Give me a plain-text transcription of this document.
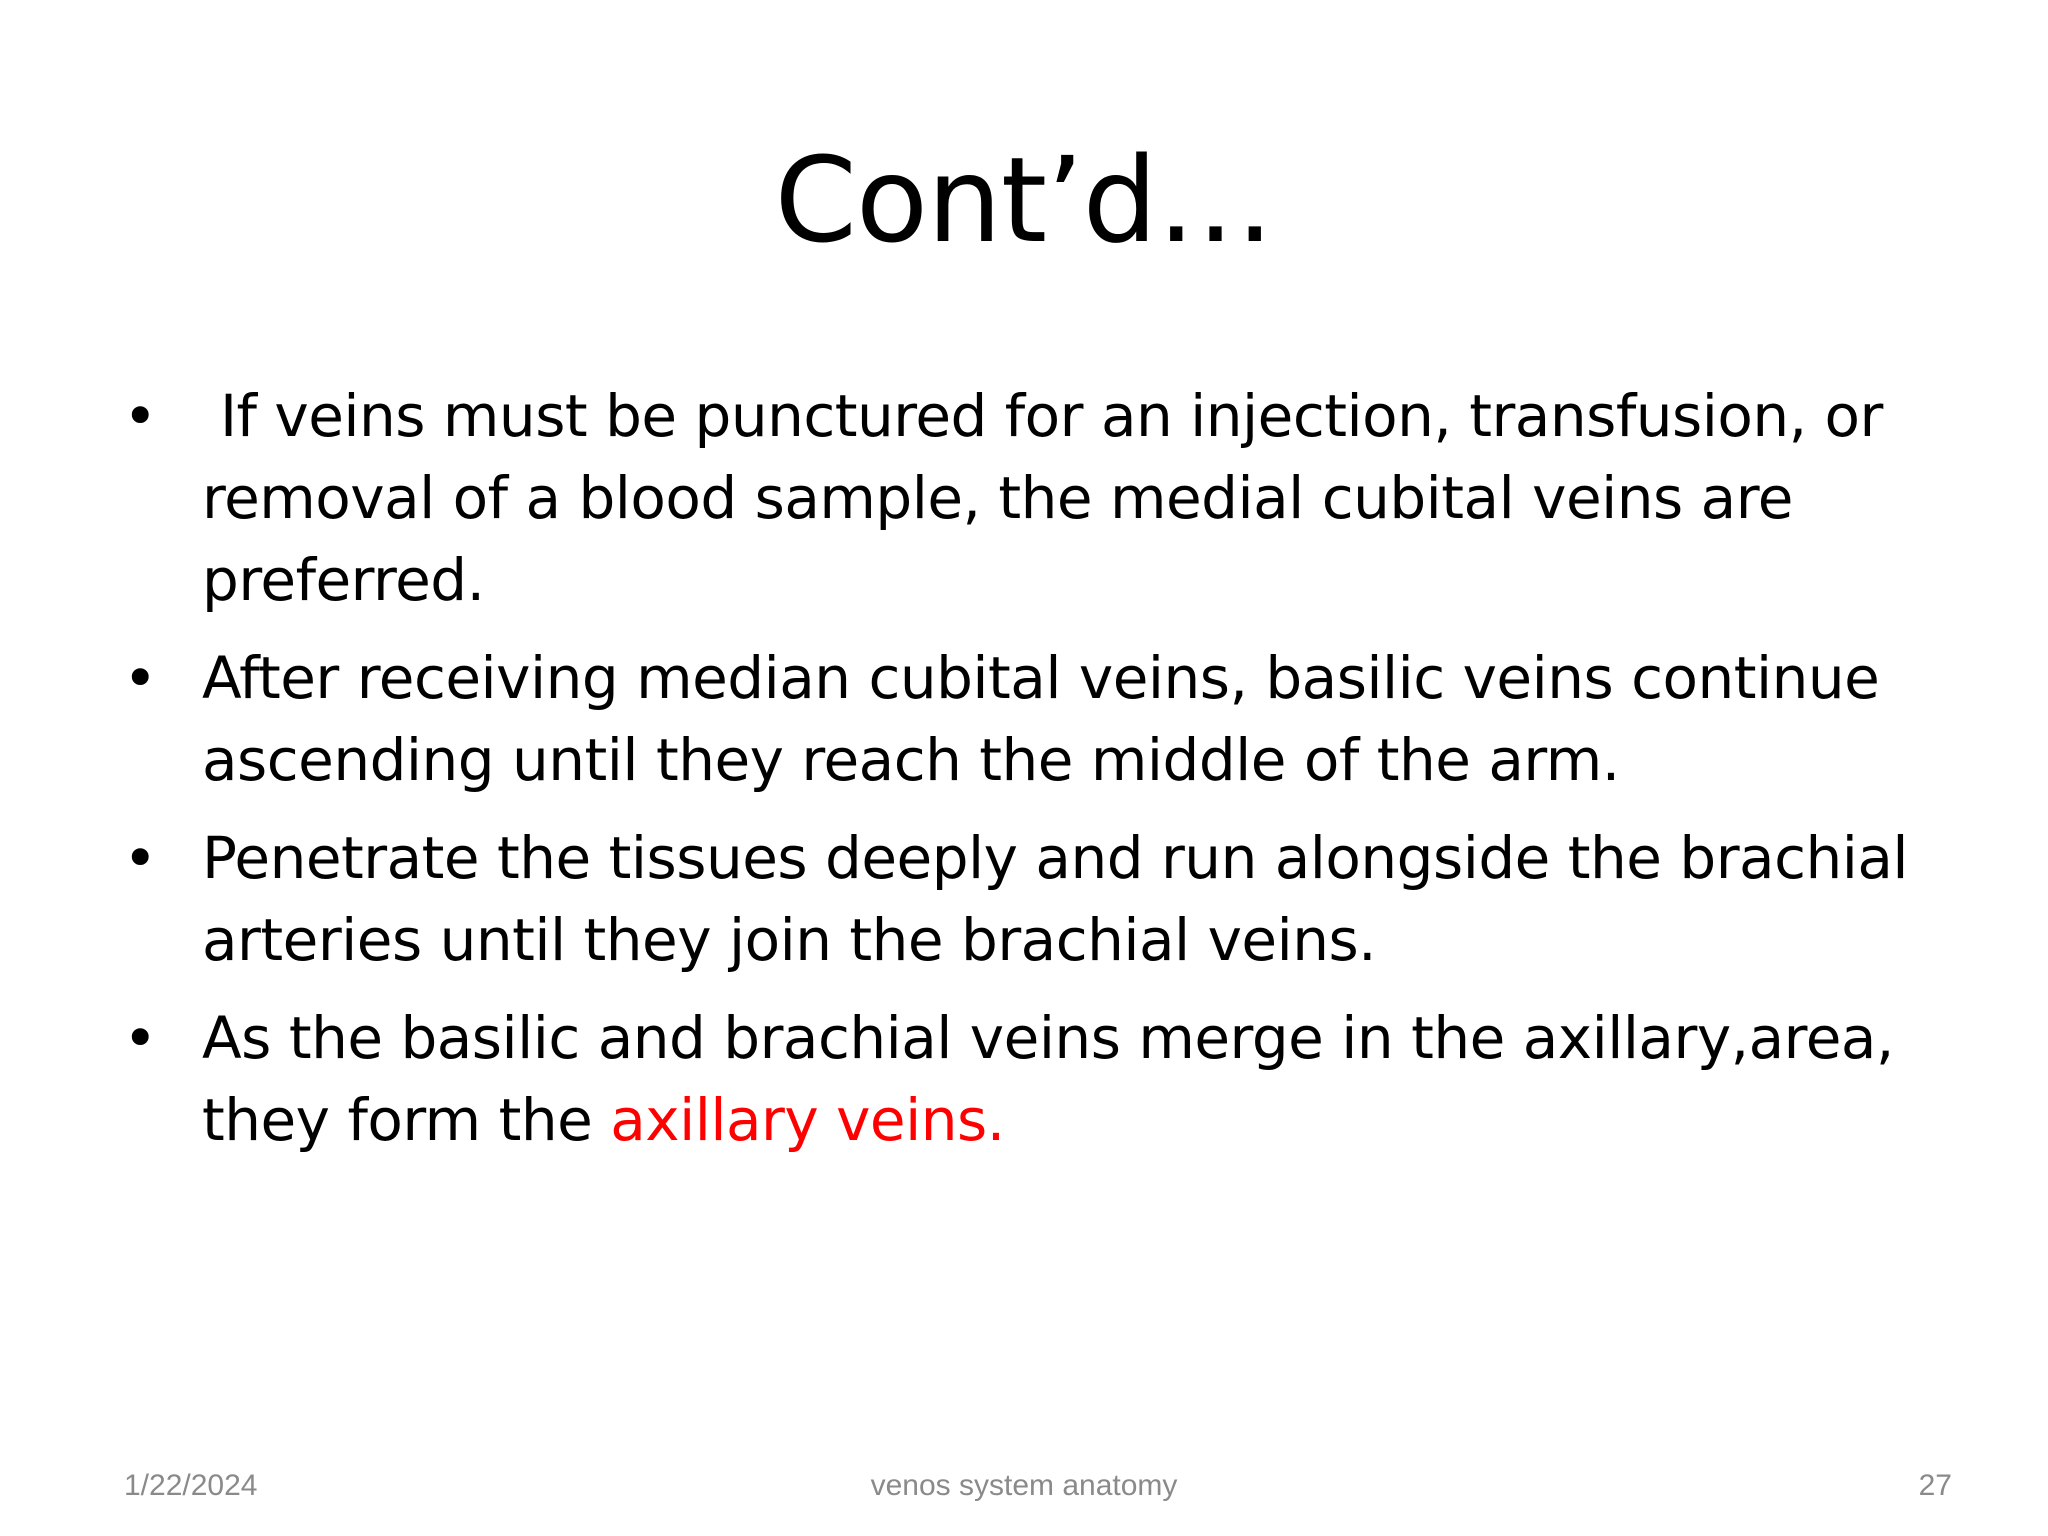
Cont’d…
• If veins must be punctured for an injection, transfusion, or removal of a blood sample, the medial cubital veins are preferred.
• After receiving median cubital veins, basilic veins continue ascending until they reach the middle of the arm.
• Penetrate the tissues deeply and run alongside the brachial arteries until they join the brachial veins.
• As the basilic and brachial veins merge in the axillary,area, they form the axillary veins.
1/22/2024	venos system anatomy	27
